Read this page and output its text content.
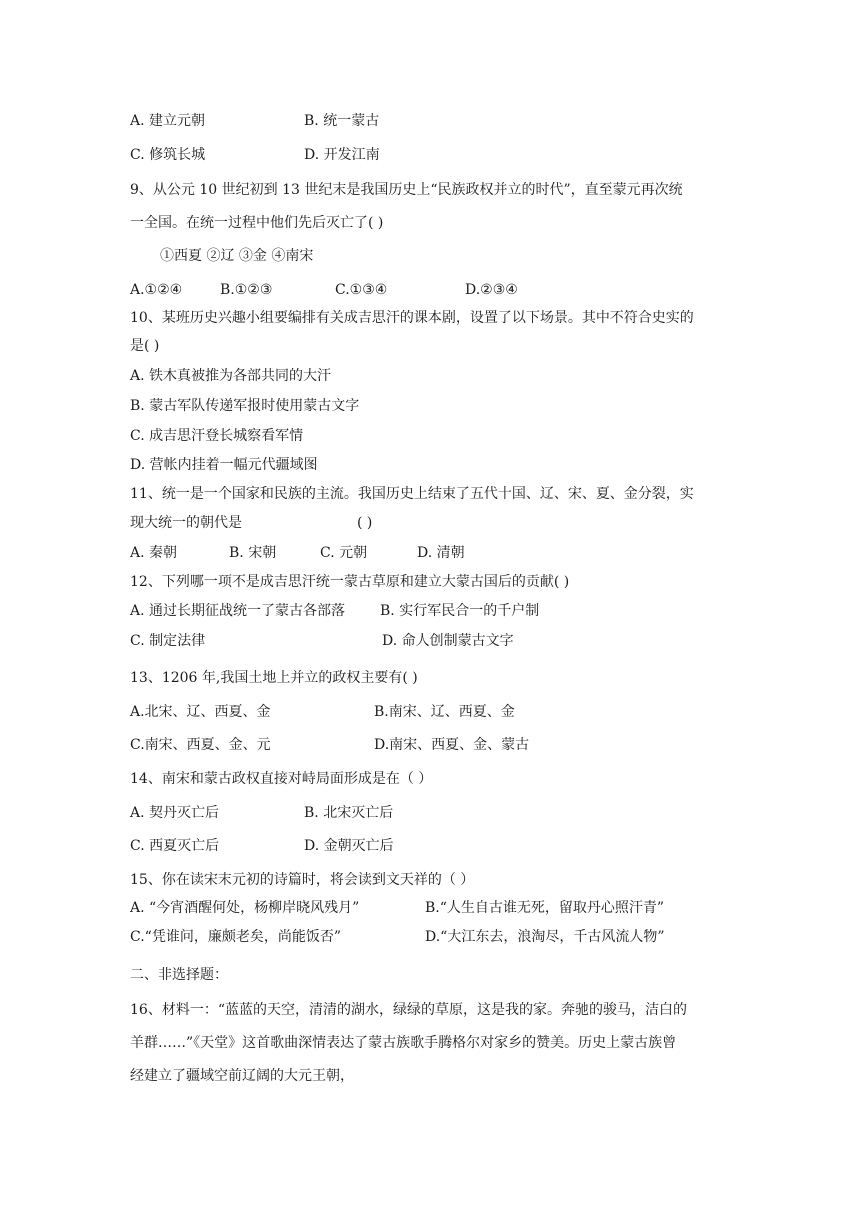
A. 建立元朝	B. 统一蒙古
C. 修筑长城	D. 开发江南
9、从公元 10 世纪初到 13 世纪末是我国历史上“民族政权并立的时代”，直至蒙元再次统
一全国。在统一过程中他们先后灭亡了( )
①西夏 ②辽 ③金 ④南宋
A.①②④	B.①②③	C.①③④	D.②③④
10、某班历史兴趣小组要编排有关成吉思汗的课本剧，设置了以下场景。其中不符合史实的
是( )
A. 铁木真被推为各部共同的大汗
B. 蒙古军队传递军报时使用蒙古文字
C. 成吉思汗登长城察看军情
D. 营帐内挂着一幅元代疆域图
11、统一是一个国家和民族的主流。我国历史上结束了五代十国、辽、宋、夏、金分裂，实
现大统一的朝代是	( )
A. 秦朝	B. 宋朝	C. 元朝	D. 清朝
12、下列哪一项不是成吉思汗统一蒙古草原和建立大蒙古国后的贡献( )
A. 通过长期征战统一了蒙古各部落 B. 实行军民合一的千户制
C. 制定法律	D. 命人创制蒙古文字
13、1206 年,我国土地上并立的政权主要有( )
A.北宋、辽、西夏、金	B.南宋、辽、西夏、金
C.南宋、西夏、金、元	D.南宋、西夏、金、蒙古
14、南宋和蒙古政权直接对峙局面形成是在（ ）
A. 契丹灭亡后	B. 北宋灭亡后
C. 西夏灭亡后	D. 金朝灭亡后
15、你在读宋末元初的诗篇时，将会读到文天祥的（ ）
A. “今宵酒醒何处，杨柳岸晓风残月”	B.“人生自古谁无死，留取丹心照汗青”
C.“凭谁问，廉颇老矣，尚能饭否”	D.“大江东去，浪淘尽，千古风流人物”
二、非选择题：
16、材料一：“蓝蓝的天空，清清的湖水，绿绿的草原，这是我的家。奔驰的骏马，洁白的
羊群……”《天堂》这首歌曲深情表达了蒙古族歌手腾格尔对家乡的赞美。历史上蒙古族曾
经建立了疆域空前辽阔的大元王朝，
